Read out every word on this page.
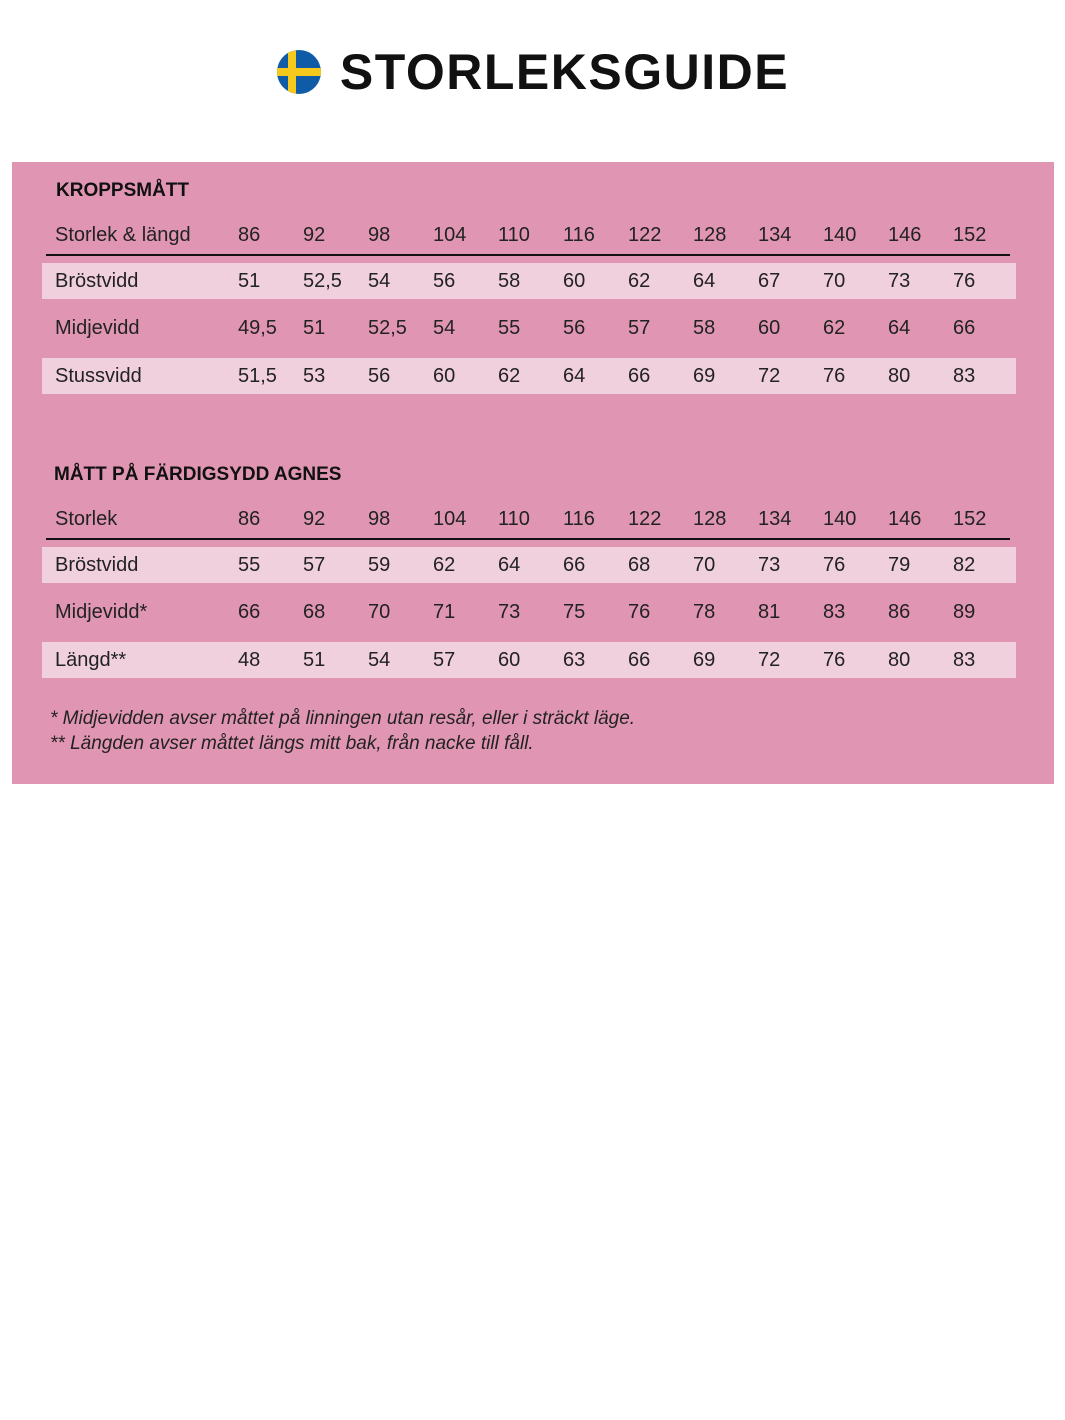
STORLEKSGUIDE
KROPPSMÅTT
Storlek & längd 86 92 98 104 110 116 122 128 134 140 146 152
Bröstvidd	51 52,5 54 56 58 60 62 64 67 70 73 76
Midjevidd	49,5 51 52,5 54 55 56 57 58 60 62 64 66
Stussvidd	51,5 53 56 60 62 64 66 69 72 76 80 83
MÅTT PÅ FÄRDIGSYDD AGNES
Storlek	86 92 98 104 110 116 122 128 134 140 146 152
Bröstvidd	55 57 59 62 64 66 68 70 73 76 79 82
Midjevidd*	66 68 70 71 73 75 76 78 81 83 86 89
Längd**	48 51 54 57 60 63 66 69 72 76 80 83
* Midjevidden avser måttet på linningen utan resår, eller i sträckt läge.
** Längden avser måttet längs mitt bak, från nacke till fåll.
